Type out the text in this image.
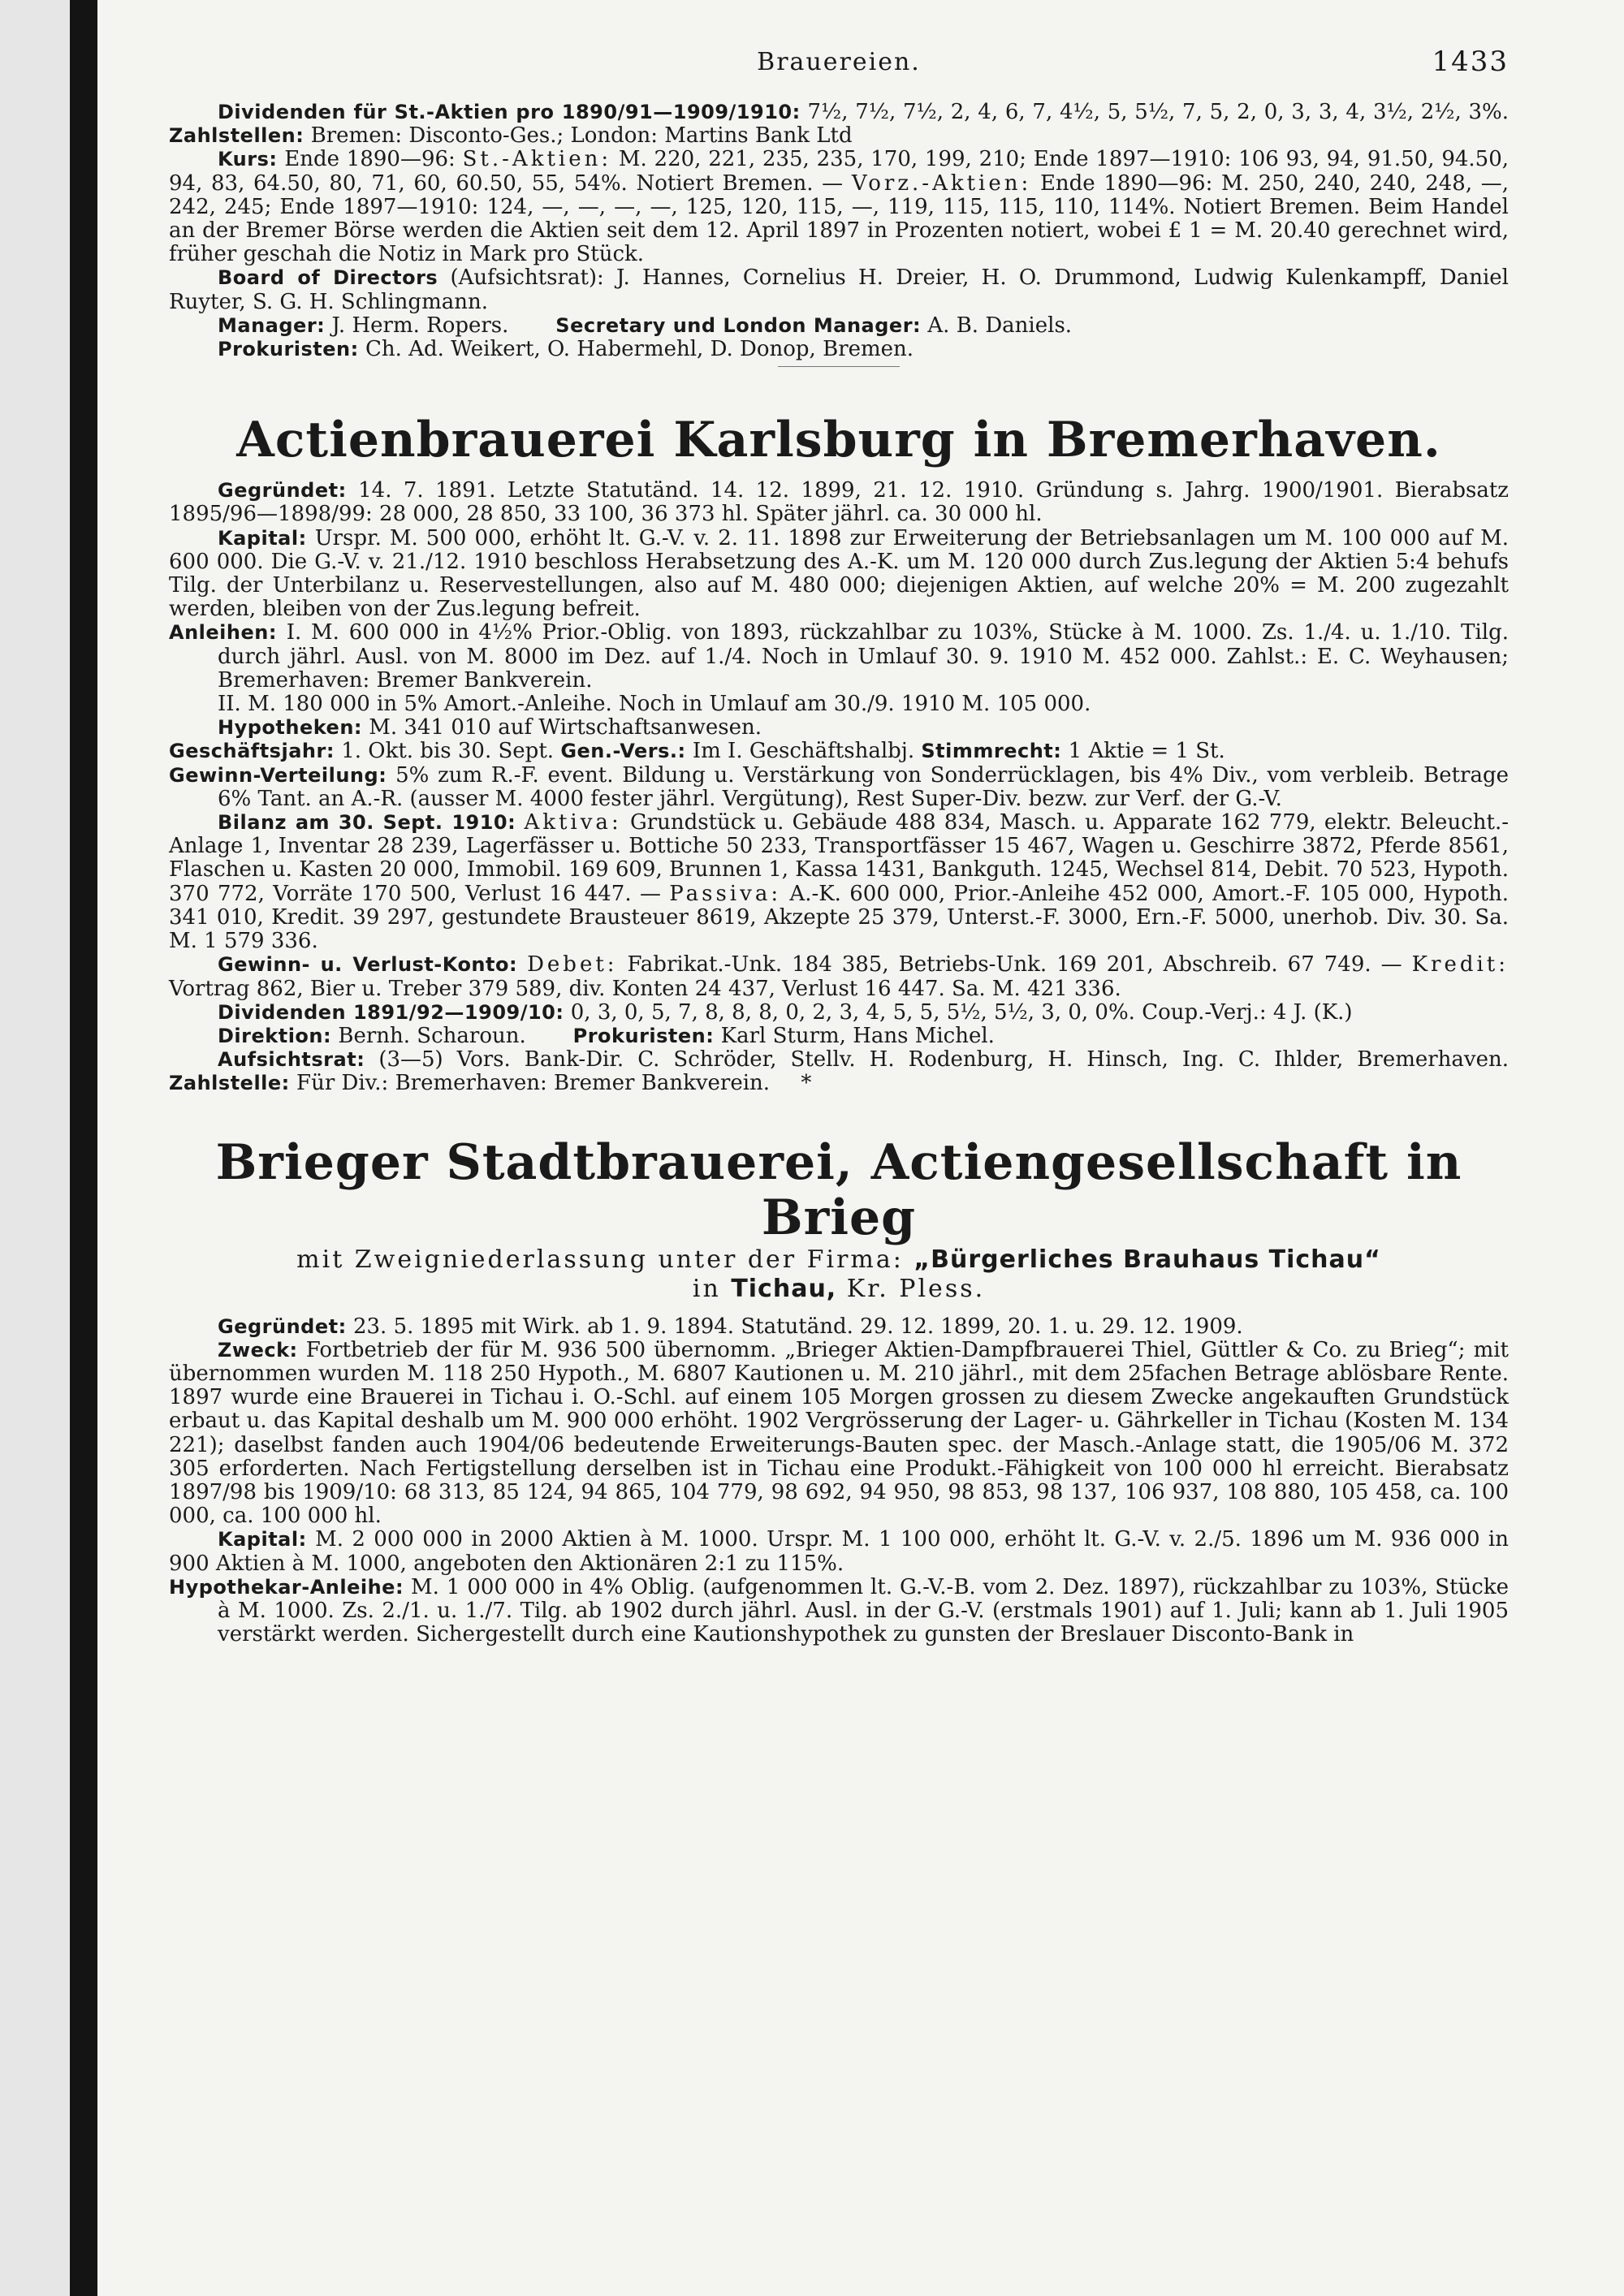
Brauereien.	1433

Dividenden für St.-Aktien pro 1890/91—1909/1910: 7½, 7½, 7½, 2, 4, 6, 7, 4½, 5, 5½, 7, 5, 2, 0, 3, 3, 4, 3½, 2½, 3%. Zahlstellen: Bremen: Disconto-Ges.; London: Martins Bank Ltd

Kurs: Ende 1890—96: St.-Aktien: M. 220, 221, 235, 235, 170, 199, 210; Ende 1897—1910: 106 93, 94, 91.50, 94.50, 94, 83, 64.50, 80, 71, 60, 60.50, 55, 54%. Notiert Bremen. — Vorz.-Aktien: Ende 1890—96: M. 250, 240, 240, 248, —, 242, 245; Ende 1897—1910: 124, —, —, —, —, 125, 120, 115, —, 119, 115, 115, 110, 114%. Notiert Bremen. Beim Handel an der Bremer Börse werden die Aktien seit dem 12. April 1897 in Prozenten notiert, wobei £ 1 = M. 20.40 gerechnet wird, früher geschah die Notiz in Mark pro Stück.

Board of Directors (Aufsichtsrat): J. Hannes, Cornelius H. Dreier, H. O. Drummond, Ludwig Kulenkampff, Daniel Ruyter, S. G. H. Schlingmann.

Manager: J. Herm. Ropers. Secretary und London Manager: A. B. Daniels.

Prokuristen: Ch. Ad. Weikert, O. Habermehl, D. Donop, Bremen.

Actienbrauerei Karlsburg in Bremerhaven.

Gegründet: 14. 7. 1891. Letzte Statutänd. 14. 12. 1899, 21. 12. 1910. Gründung s. Jahrg. 1900/1901. Bierabsatz 1895/96—1898/99: 28 000, 28 850, 33 100, 36 373 hl. Später jährl. ca. 30 000 hl.

Kapital: Urspr. M. 500 000, erhöht lt. G.-V. v. 2. 11. 1898 zur Erweiterung der Betriebsanlagen um M. 100 000 auf M. 600 000. Die G.-V. v. 21./12. 1910 beschloss Herabsetzung des A.-K. um M. 120 000 durch Zus.legung der Aktien 5:4 behufs Tilg. der Unterbilanz u. Reservestellungen, also auf M. 480 000; diejenigen Aktien, auf welche 20% = M. 200 zugezahlt werden, bleiben von der Zus.legung befreit.

Anleihen: I. M. 600 000 in 4½% Prior.-Oblig. von 1893, rückzahlbar zu 103%, Stücke à M. 1000. Zs. 1./4. u. 1./10. Tilg. durch jährl. Ausl. von M. 8000 im Dez. auf 1./4. Noch in Umlauf 30. 9. 1910 M. 452 000. Zahlst.: E. C. Weyhausen; Bremerhaven: Bremer Bankverein.

II. M. 180 000 in 5% Amort.-Anleihe. Noch in Umlauf am 30./9. 1910 M. 105 000.

Hypotheken: M. 341 010 auf Wirtschaftsanwesen.

Geschäftsjahr: 1. Okt. bis 30. Sept. Gen.-Vers.: Im I. Geschäftshalbj. Stimmrecht: 1 Aktie = 1 St.

Gewinn-Verteilung: 5% zum R.-F. event. Bildung u. Verstärkung von Sonderrücklagen, bis 4% Div., vom verbleib. Betrage 6% Tant. an A.-R. (ausser M. 4000 fester jährl. Vergütung), Rest Super-Div. bezw. zur Verf. der G.-V.

Bilanz am 30. Sept. 1910: Aktiva: Grundstück u. Gebäude 488 834, Masch. u. Apparate 162 779, elektr. Beleucht.-Anlage 1, Inventar 28 239, Lagerfässer u. Bottiche 50 233, Transportfässer 15 467, Wagen u. Geschirre 3872, Pferde 8561, Flaschen u. Kasten 20 000, Immobil. 169 609, Brunnen 1, Kassa 1431, Bankguth. 1245, Wechsel 814, Debit. 70 523, Hypoth. 370 772, Vorräte 170 500, Verlust 16 447. — Passiva: A.-K. 600 000, Prior.-Anleihe 452 000, Amort.-F. 105 000, Hypoth. 341 010, Kredit. 39 297, gestundete Brausteuer 8619, Akzepte 25 379, Unterst.-F. 3000, Ern.-F. 5000, unerhob. Div. 30. Sa. M. 1 579 336.

Gewinn- u. Verlust-Konto: Debet: Fabrikat.-Unk. 184 385, Betriebs-Unk. 169 201, Abschreib. 67 749. — Kredit: Vortrag 862, Bier u. Treber 379 589, div. Konten 24 437, Verlust 16 447. Sa. M. 421 336.

Dividenden 1891/92—1909/10: 0, 3, 0, 5, 7, 8, 8, 8, 0, 2, 3, 4, 5, 5, 5½, 5½, 3, 0, 0%. Coup.-Verj.: 4 J. (K.)

Direktion: Bernh. Scharoun. Prokuristen: Karl Sturm, Hans Michel.

Aufsichtsrat: (3—5) Vors. Bank-Dir. C. Schröder, Stellv. H. Rodenburg, H. Hinsch, Ing. C. Ihlder, Bremerhaven. Zahlstelle: Für Div.: Bremerhaven: Bremer Bankverein. *

Brieger Stadtbrauerei, Actiengesellschaft in Brieg

mit Zweigniederlassung unter der Firma: „Bürgerliches Brauhaus Tichau“

in Tichau, Kr. Pless.

Gegründet: 23. 5. 1895 mit Wirk. ab 1. 9. 1894. Statutänd. 29. 12. 1899, 20. 1. u. 29. 12. 1909.

Zweck: Fortbetrieb der für M. 936 500 übernomm. „Brieger Aktien-Dampfbrauerei Thiel, Güttler & Co. zu Brieg“; mit übernommen wurden M. 118 250 Hypoth., M. 6807 Kautionen u. M. 210 jährl., mit dem 25fachen Betrage ablösbare Rente. 1897 wurde eine Brauerei in Tichau i. O.-Schl. auf einem 105 Morgen grossen zu diesem Zwecke angekauften Grundstück erbaut u. das Kapital deshalb um M. 900 000 erhöht. 1902 Vergrösserung der Lager- u. Gährkeller in Tichau (Kosten M. 134 221); daselbst fanden auch 1904/06 bedeutende Erweiterungs-Bauten spec. der Masch.-Anlage statt, die 1905/06 M. 372 305 erforderten. Nach Fertigstellung derselben ist in Tichau eine Produkt.-Fähigkeit von 100 000 hl erreicht. Bierabsatz 1897/98 bis 1909/10: 68 313, 85 124, 94 865, 104 779, 98 692, 94 950, 98 853, 98 137, 106 937, 108 880, 105 458, ca. 100 000, ca. 100 000 hl.

Kapital: M. 2 000 000 in 2000 Aktien à M. 1000. Urspr. M. 1 100 000, erhöht lt. G.-V. v. 2./5. 1896 um M. 936 000 in 900 Aktien à M. 1000, angeboten den Aktionären 2:1 zu 115%.

Hypothekar-Anleihe: M. 1 000 000 in 4% Oblig. (aufgenommen lt. G.-V.-B. vom 2. Dez. 1897), rückzahlbar zu 103%, Stücke à M. 1000. Zs. 2./1. u. 1./7. Tilg. ab 1902 durch jährl. Ausl. in der G.-V. (erstmals 1901) auf 1. Juli; kann ab 1. Juli 1905 verstärkt werden. Sichergestellt durch eine Kautionshypothek zu gunsten der Breslauer Disconto-Bank in
